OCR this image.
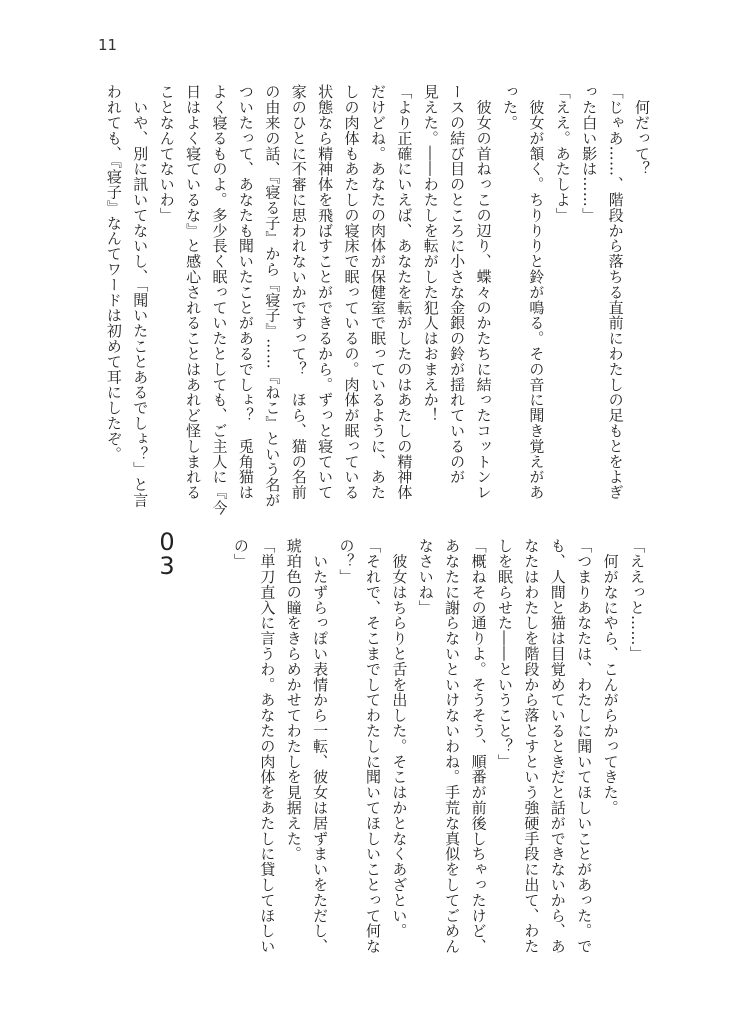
11
　何だって？
「じゃあ……、階段から落ちる直前にわたしの足もとをよぎ
った白い影は……」
「ええ。あたしよ」
　彼女が頷く。ちりりりと鈴が鳴る。その音に聞き覚えがあ
った。
　彼女の首ねっこの辺り、蝶々のかたちに結ったコットンレ
ースの結び目のところに小さな金銀の鈴が揺れているのが
見えた。――わたしを転がした犯人はおまえか！
「より正確にいえば、あなたを転がしたのはあたしの精神体
だけどね。あなたの肉体が保健室で眠っているように、あた
しの肉体もあたしの寝床で眠っているの。肉体が眠っている
状態なら精神体を飛ばすことができるから。ずっと寝ていて
家のひとに不審に思われないかですって？　ほら、猫の名前
の由来の話、『寝る子』から『寝子』……『ねこ』という名が
ついたって、あなたも聞いたことがあるでしょ？　兎角猫は
よく寝るものよ。多少長く眠っていたとしても、ご主人に『今
日はよく寝ているな』と感心されることはあれど怪しまれる
ことなんてないわ」
　いや、別に訊いてないし、「聞いたことあるでしょ？」と言
われても、『寝子』なんてワードは初めて耳にしたぞ。
0
3	「ええっと……」
　何がなにやら、こんがらかってきた。
「つまりあなたは、わたしに聞いてほしいことがあった。で
も、人間と猫は目覚めているときだと話ができないから、あ
なたはわたしを階段から落とすという強硬手段に出て、わた
しを眠らせた――ということ？」
「概ねその通りよ。そうそう、順番が前後しちゃったけど、
あなたに謝らないといけないわね。手荒な真似をしてごめん
なさいね」
　彼女はちらりと舌を出した。そこはかとなくあざとい。
「それで、そこまでしてわたしに聞いてほしいことって何な
の？」
　いたずらっぽい表情から一転、彼女は居ずまいをただし、
琥珀色の瞳をきらめかせてわたしを見据えた。
「単刀直入に言うわ。あなたの肉体をあたしに貸してほしい
の」
